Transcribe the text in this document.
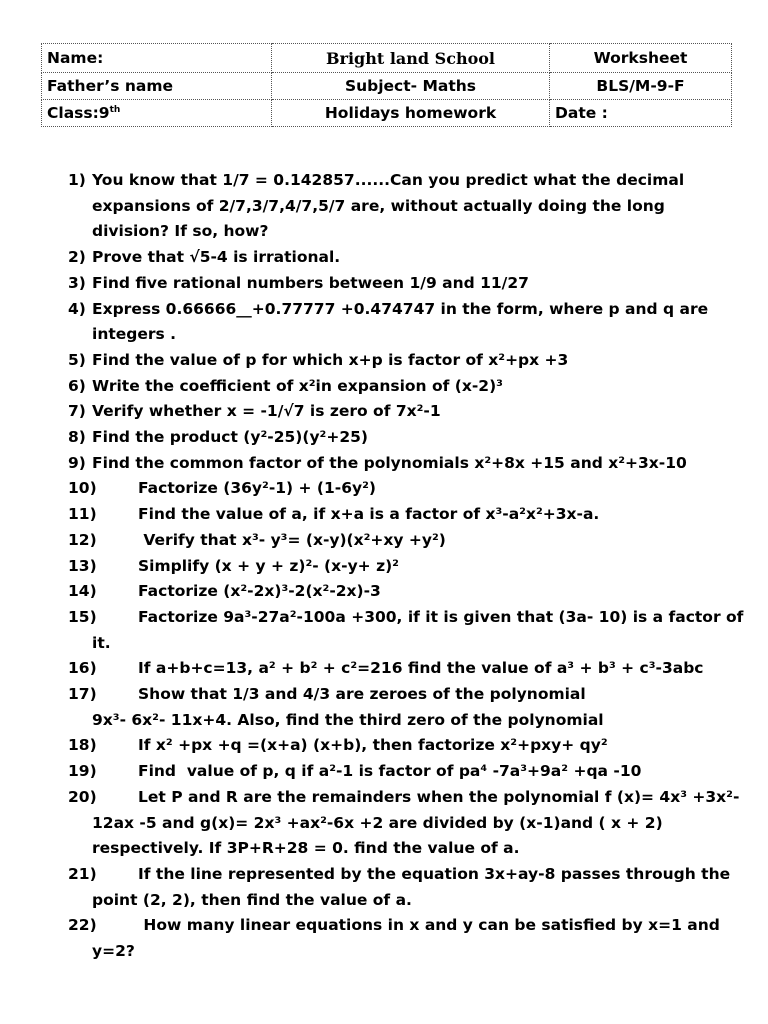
Name:	Bright land School	Worksheet
Father’s name	Subject- Maths	BLS/M-9-F
Class:9th	Holidays homework	Date :
1) You know that 1/7 = 0.142857......Can you predict what the decimal expansions of 2/7,3/7,4/7,5/7 are, without actually doing the long division? If so, how?
2) Prove that √5-4 is irrational.
3) Find five rational numbers between 1/9 and 11/27
4) Express 0.66666__+0.77777 +0.474747 in the form, where p and q are integers .
5) Find the value of p for which x+p is factor of x²+px +3
6) Write the coefficient of x²in expansion of (x-2)³
7) Verify whether x = -1/√7 is zero of 7x²-1
8) Find the product (y²-25)(y²+25)
9) Find the common factor of the polynomials x²+8x +15 and x²+3x-10
10)	Factorize (36y²-1) + (1-6y²)
11)	Find the value of a, if x+a is a factor of x³-a²x²+3x-a.
12)	Verify that x³- y³= (x-y)(x²+xy +y²)
13)	Simplify (x + y + z)²- (x-y+ z)²
14)	Factorize (x²-2x)³-2(x²-2x)-3
15)	Factorize 9a³-27a²-100a +300, if it is given that (3a- 10) is a factor of
it.
16)	If a+b+c=13, a² + b² + c²=216 find the value of a³ + b³ + c³-3abc
17)	Show that 1/3 and 4/3 are zeroes of the polynomial
9x³- 6x²- 11x+4. Also, find the third zero of the polynomial
18)	If x² +px +q =(x+a) (x+b), then factorize x²+pxy+ qy²
19)	Find  value of p, q if a²-1 is factor of pa⁴ -7a³+9a² +qa -10
20)	Let P and R are the remainders when the polynomial f (x)= 4x³ +3x²-
12ax -5 and g(x)= 2x³ +ax²-6x +2 are divided by (x-1)and ( x + 2) respectively. If 3P+R+28 = 0. find the value of a.
21)	If the line represented by the equation 3x+ay-8 passes through the
point (2, 2), then find the value of a.
22)	How many linear equations in x and y can be satisfied by x=1 and
y=2?
